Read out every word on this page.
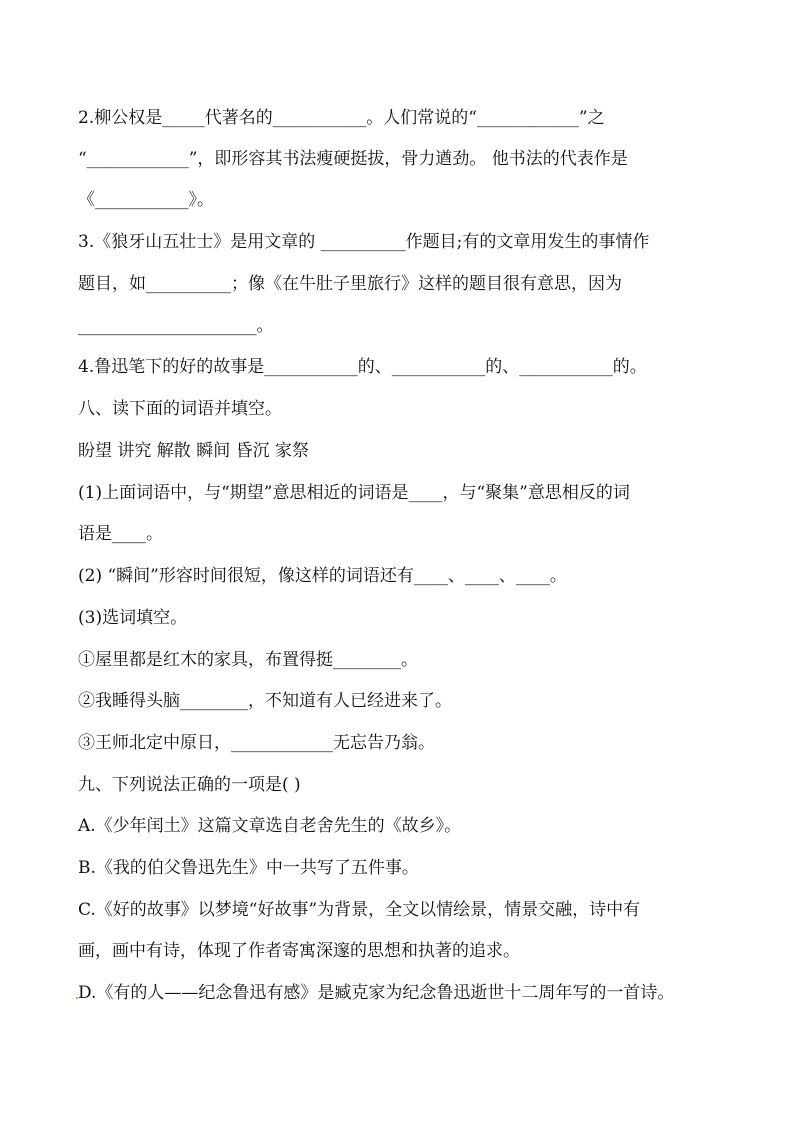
2.柳公权是_____代著名的___________。人们常说的“____________”之
“____________”，即形容其书法瘦硬挺拔，骨力遒劲。 他书法的代表作是
《___________》。
3.《狼牙山五壮士》是用文章的 __________作题目;有的文章用发生的事情作
题目，如__________；像《在牛肚子里旅行》这样的题目很有意思，因为
_____________________。
4.鲁迅笔下的好的故事是___________的、___________的、___________的。
八、读下面的词语并填空。
盼望 讲究 解散 瞬间 昏沉 家祭
(1)上面词语中，与“期望”意思相近的词语是____，与“聚集”意思相反的词
语是____。
(2) “瞬间”形容时间很短，像这样的词语还有____、____、____。
(3)选词填空。
①屋里都是红木的家具，布置得挺________。
②我睡得头脑________，不知道有人已经进来了。
③王师北定中原日，____________无忘告乃翁。
九、下列说法正确的一项是( )
A.《少年闰土》这篇文章选自老舍先生的《故乡》。
B.《我的伯父鲁迅先生》中一共写了五件事。
C.《好的故事》以梦境“好故事”为背景，全文以情绘景，情景交融，诗中有
画，画中有诗，体现了作者寄寓深邃的思想和执著的追求。
D.《有的人——纪念鲁迅有感》是臧克家为纪念鲁迅逝世十二周年写的一首诗。
